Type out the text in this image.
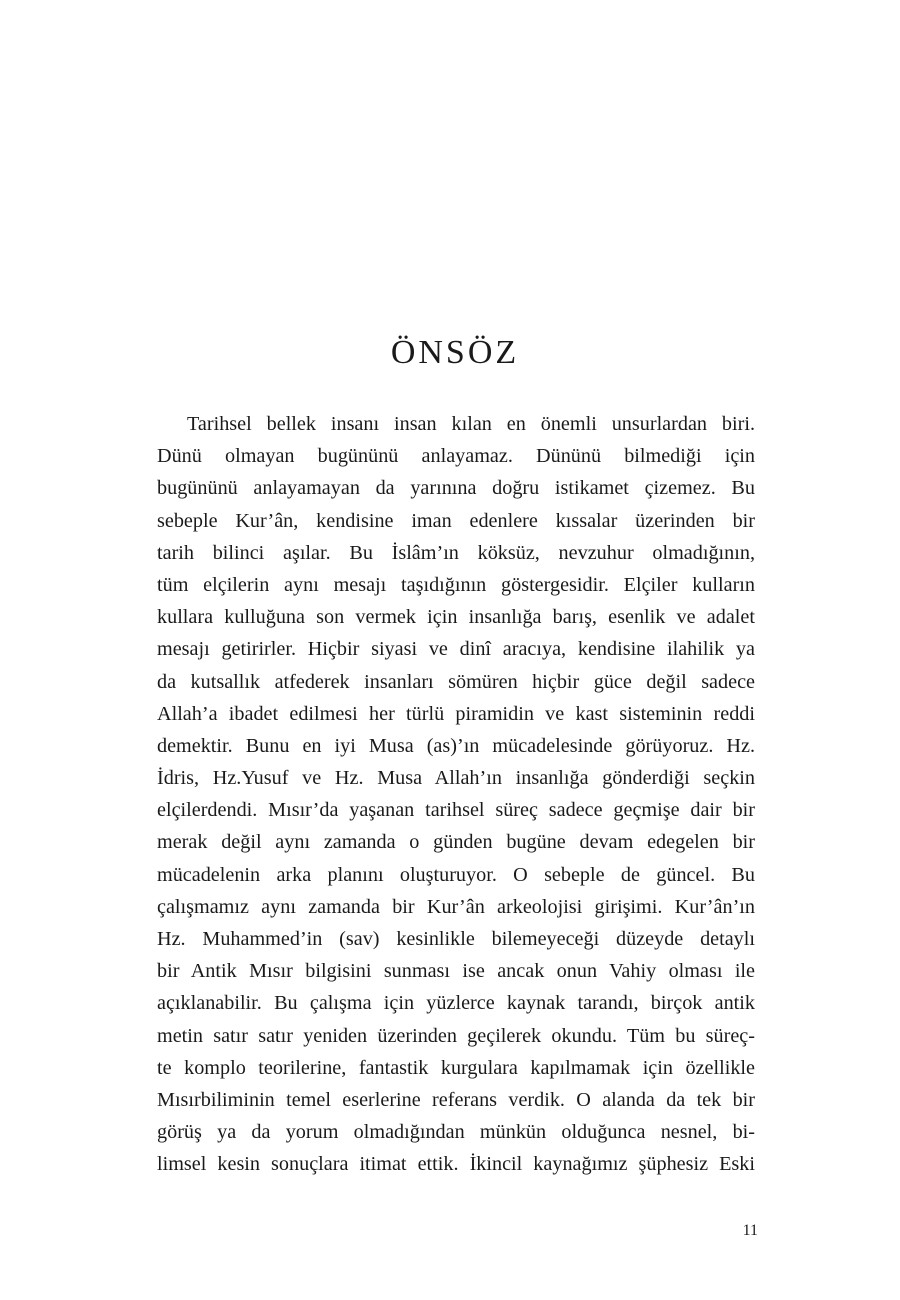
ÖNSÖZ
Tarihsel bellek insanı insan kılan en önemli unsurlardan biri.
Dünü olmayan bugününü anlayamaz. Dününü bilmediği için
bugününü anlayamayan da yarınına doğru istikamet çizemez. Bu
sebeple Kur’ân, kendisine iman edenlere kıssalar üzerinden bir
tarih bilinci aşılar. Bu İslâm’ın köksüz, nevzuhur olmadığının,
tüm elçilerin aynı mesajı taşıdığının göstergesidir. Elçiler kulların
kullara kulluğuna son vermek için insanlığa barış, esenlik ve adalet
mesajı getirirler. Hiçbir siyasi ve dinî aracıya, kendisine ilahilik ya
da kutsallık atfederek insanları sömüren hiçbir güce değil sadece
Allah’a ibadet edilmesi her türlü piramidin ve kast sisteminin reddi
demektir. Bunu en iyi Musa (as)’ın mücadelesinde görüyoruz. Hz.
İdris, Hz.Yusuf ve Hz. Musa Allah’ın insanlığa gönderdiği seçkin
elçilerdendi. Mısır’da yaşanan tarihsel süreç sadece geçmişe dair bir
merak değil aynı zamanda o günden bugüne devam edegelen bir
mücadelenin arka planını oluşturuyor. O sebeple de güncel. Bu
çalışmamız aynı zamanda bir Kur’ân arkeolojisi girişimi. Kur’ân’ın
Hz. Muhammed’in (sav) kesinlikle bilemeyeceği düzeyde detaylı
bir Antik Mısır bilgisini sunması ise ancak onun Vahiy olması ile
açıklanabilir. Bu çalışma için yüzlerce kaynak tarandı, birçok antik
metin satır satır yeniden üzerinden geçilerek okundu. Tüm bu süreç-
te komplo teorilerine, fantastik kurgulara kapılmamak için özellikle
Mısırbiliminin temel eserlerine referans verdik. O alanda da tek bir
görüş ya da yorum olmadığından münkün olduğunca nesnel, bi-
limsel kesin sonuçlara itimat ettik. İkincil kaynağımız şüphesiz Eski
11
